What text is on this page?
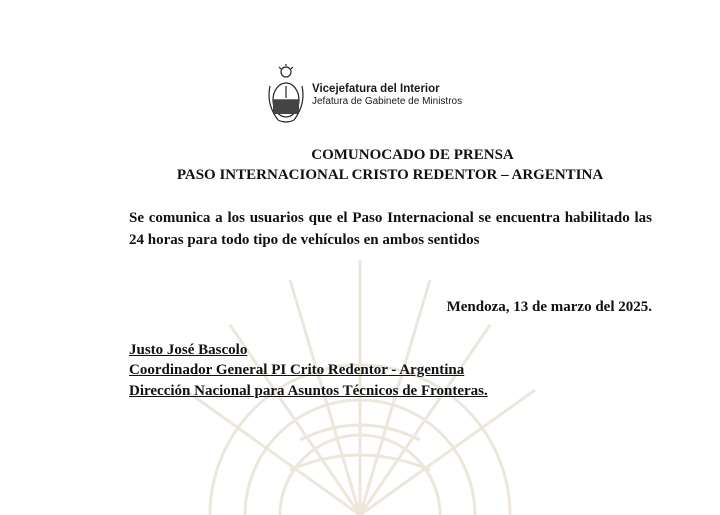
Vicejefatura del Interior
Jefatura de Gabinete de Ministros
COMUNOCADO DE PRENSA
PASO INTERNACIONAL CRISTO REDENTOR – ARGENTINA
Se comunica a los usuarios que el Paso Internacional se encuentra habilitado las 24 horas para todo tipo de vehículos en ambos sentidos
Mendoza, 13 de marzo del 2025.
Justo José Bascolo
Coordinador General PI Crito Redentor - Argentina
Dirección Nacional para Asuntos Técnicos de Fronteras.
